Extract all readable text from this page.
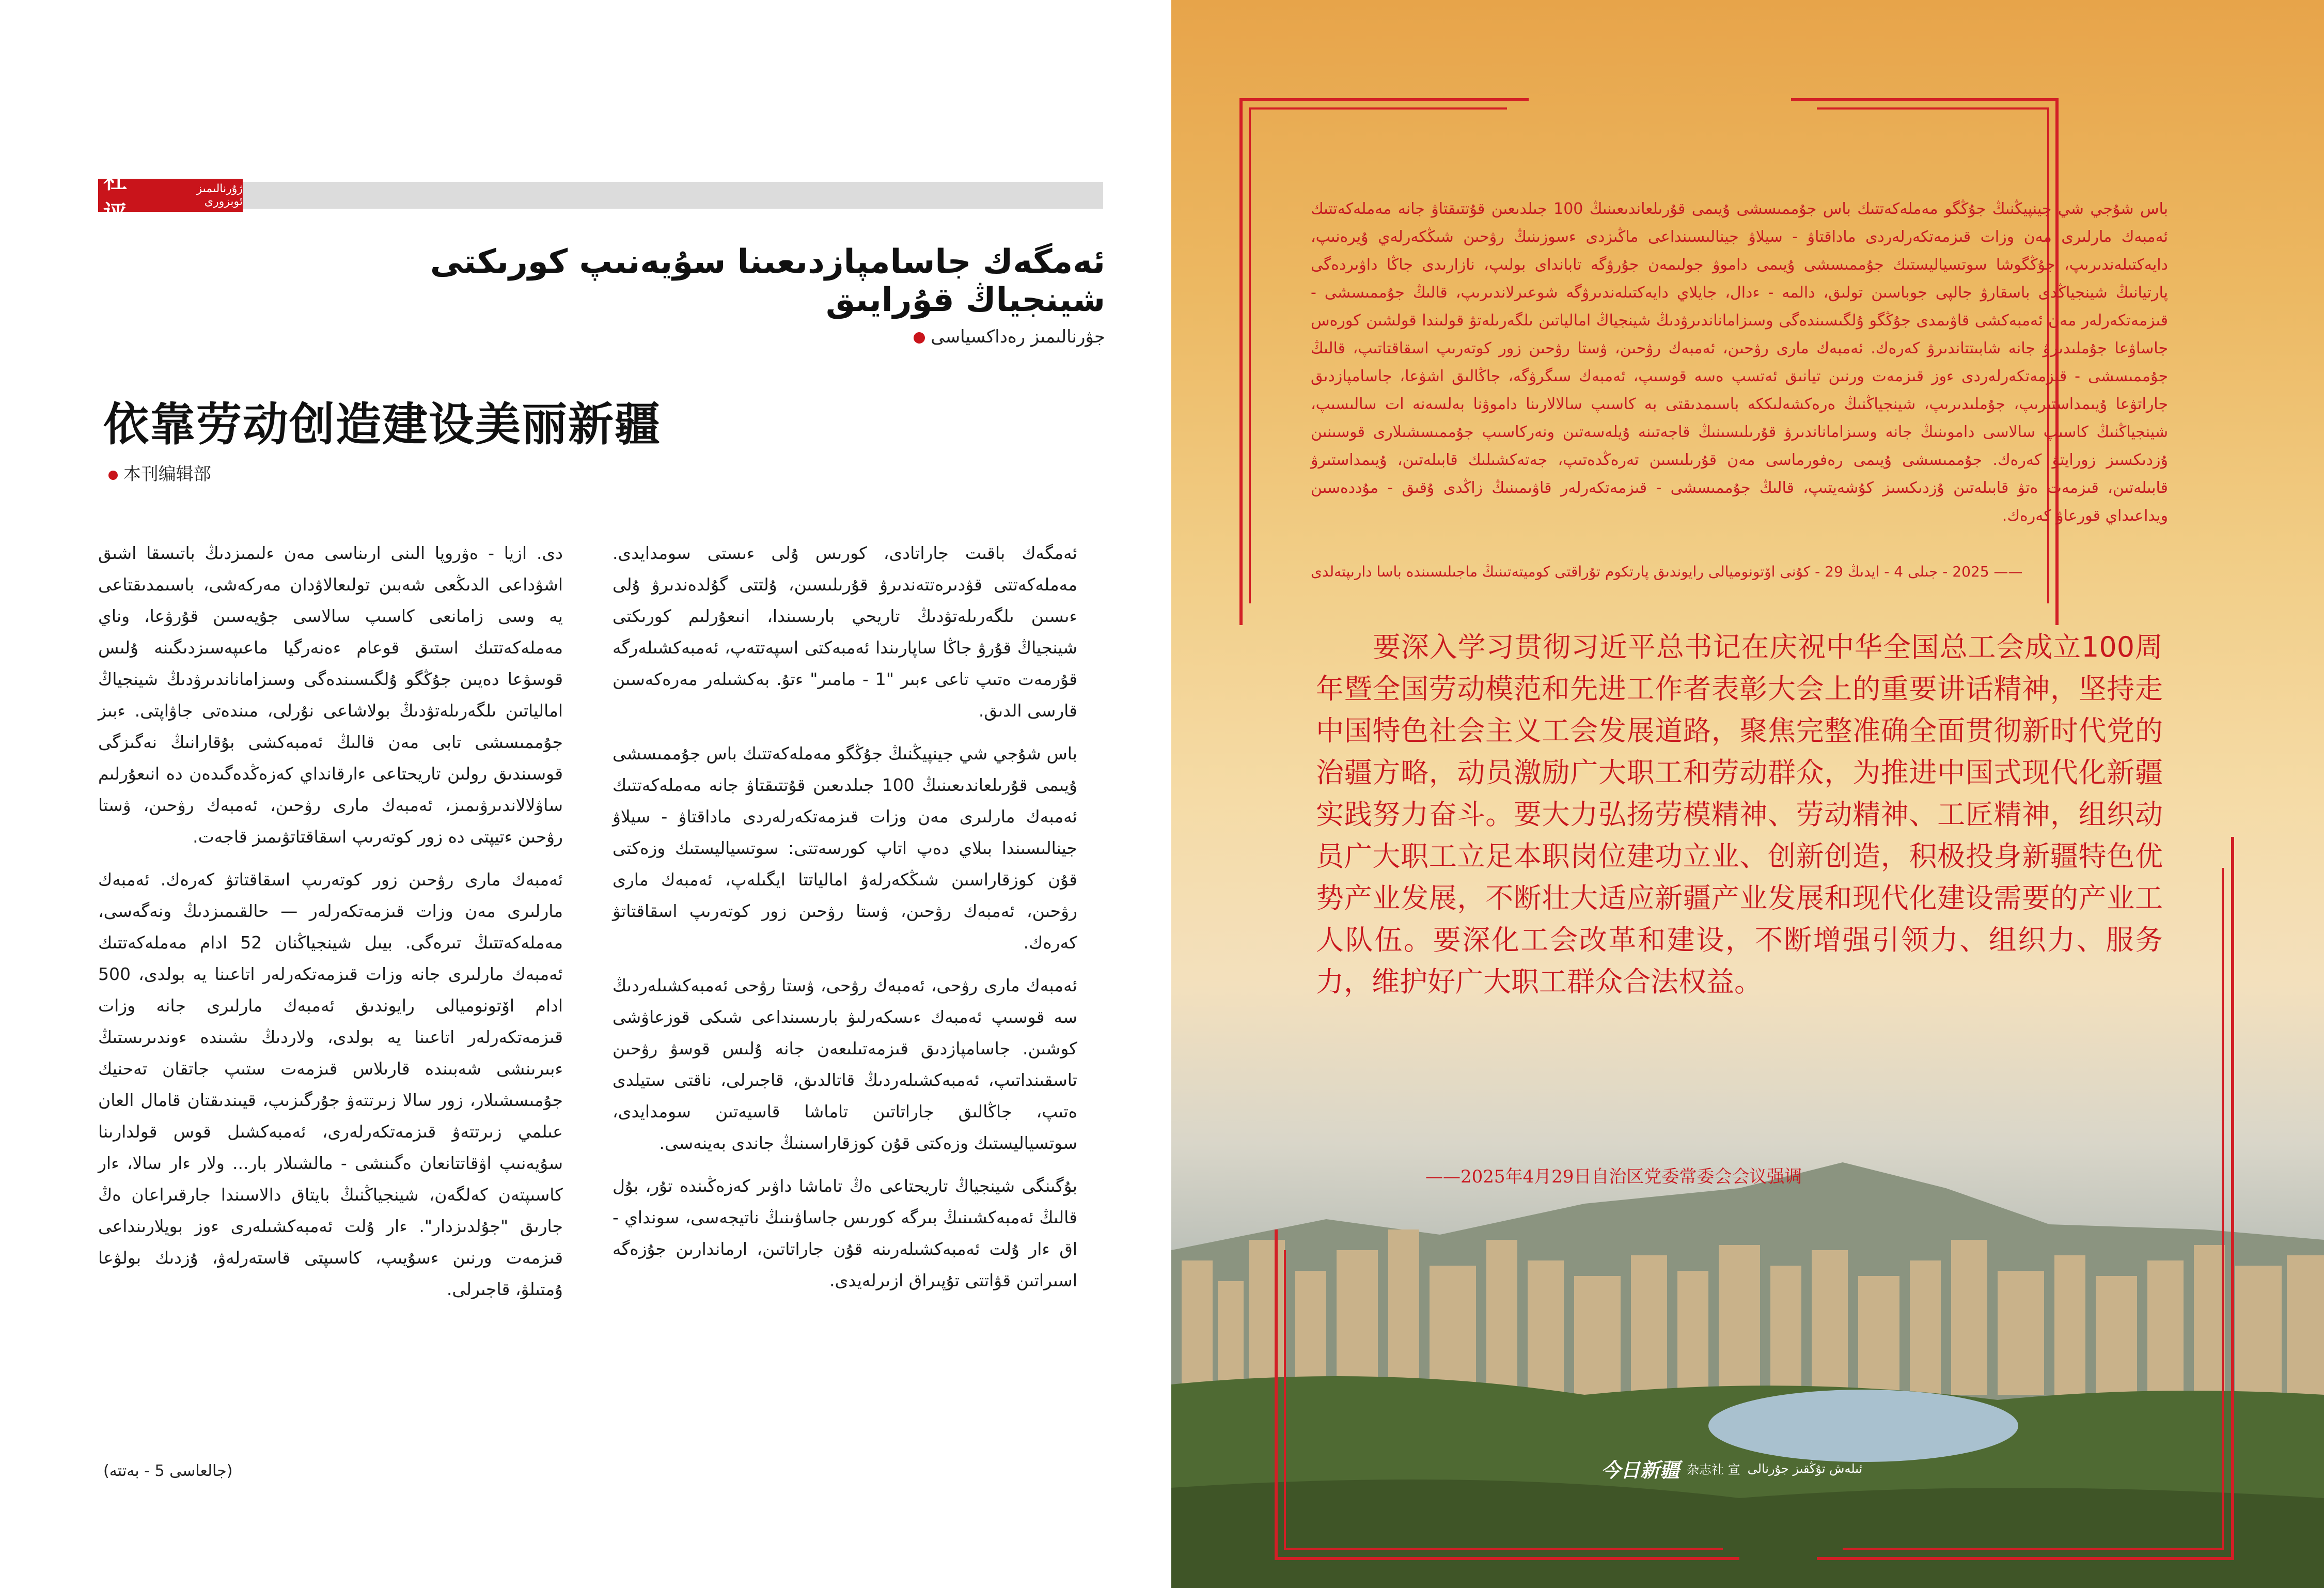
社评
ژۇرنالىمىز ئوبزورى
ئەمگەك جاسامپازدىعىنا سۇيەنىپ كورىكتى شينجياڭ قۇرايىق
جۋرنالىمىز رەداكسياسى
依靠劳动创造建设美丽新疆
本刊编辑部

ئەمگەك باقىت جاراتادى، كورىس ۇلى ءىستى سومدايدى. مەملەكەتتى قۋدىرەتتەندىرۋ قۇرىلىسىن، ۇلتتى گۇلدەندىرۋ ۇلى ءىسىن ىلگەرىلەتۋدىڭ تاريحي بارىسىندا، انىعۇرلىم كورىكتى شينجياڭ قۇرۋ جاڭا ساپارىندا ئەمبەكتى اسپەتتەپ، ئەمبەكشىلەرگە قۇرمەت ەتىپ تاعى ءبىر "1 - مامىر" ءتۇ. بەكشىلەر مەرەكەسىن قارسى الدىق.

باس شۇجي شي جينپيڭنىڭ جۇڭگو مەملەكەتتىك باس جۇممىسشى ۇيىمى قۇرىلعاندىعىنىڭ 100 جىلدىعىن قۇتتىقتاۋ جانە مەملەكەتتىك ئەمبەك مارلىرى مەن وزات قىزمەتكەرلەردى ماداقتاۋ - سيلاۋ جينالىسىندا بىلاي دەپ اتاپ كورسەتتى: سوتسياليستىك وزەكتى قۇن كوزقاراسىن شىڭكەرلەۋ امالياتتا ايگىلەپ، ئەمبەك مارى رۋحىن، ئەمبەك رۋحىن، ۋستا رۋحىن زور كوتەرىپ اسقاقتاتۋ كەرەك.

ئەمبەك مارى رۋحى، ئەمبەك رۋحى، ۋستا رۋحى ئەمبەكشىلەردىڭ سە قوسىپ ئەمبەك ءىسكەرلىۋ بارىسىنداعى شىكى قوزعاۋشى كوشىن. جاسامپازدىق قىزمەتىلىعەن جانە ۇلىس قوسۋ رۋحىن تاسقىنداتىپ، ئەمبەكشىلەردىڭ قاتالدىق، قاجىرلى، ناقتى ستيلدى ەتىپ، جاڭالىق جاراتاتىن تاماشا قاسيەتىن سومدايدى، سوتسياليستىك وزەكتى قۇن كوزقاراسىنىڭ جاندى بەينەسى.

بۇگىنگى شينجياڭ تاريحتاعى ەڭ تاماشا داۋىر كەزەڭىندە تۇر، بۇل قالىڭ ئەمبەكشىنىڭ بىرگە كورىس جاساۋىنىڭ ناتيجەسى، سونداي - اق ءار ۇلت ئەمبەكشىلەرىنە قۇن جاراتاتىن، ارماندارىن جۇزەگە اسىراتىن قۋاتتى تۇپىراق ازىرلەيدى.

دى. ازيا - ەۋروپا الىنى ارىناسى مەن ءلىمىزدىڭ باتىسقا اشىق اشۋداعى الدىڭعى شەبىن تولىعالاۋدان مەركەشى، باسىمدىقتاعى يە وسى زامانعى كاسىپ سالاسى جۇيەسىن قۇرۋعا، وناي مەملەكەتتىك استىق قوعام ءەنەرگيا ماعىپەسىزدىگىنە ۇلىس قوسۋعا دەيىن جۇڭگو ۇلگىسىندەگى وسىزاماناندىرۋدىڭ شينجياڭ امالياتىن ىلگەرىلەتۋدىڭ بولاشاعى نۇرلى، مىندەتى جاۋاپتى. ءبىز جۇممىسشى تابى مەن قالىڭ ئەمبەكشى بۇقارانىڭ نەگىزگى قوسىندىق رولىن تاريحتاعى ءارقانداي كەزەڭدەگىدەن دە انىعۇرلىم ساۋلالاندىرۋىمىز، ئەمبەك مارى رۋحىن، ئەمبەك رۋحىن، ۋستا رۋحىن ءتيپتى دە زور كوتەرىپ اسقاقتاتۋىمىز قاجەت.

ئەمبەك مارى رۋحىن زور كوتەرىپ اسقاقتاتۋ كەرەك. ئەمبەك مارلىرى مەن وزات قىزمەتكەرلەر — حالقىمىزدىڭ ونەگەسى، مەملەكەتتىڭ تىرەگى. بيىل شينجياڭنان 52 ادام مەملەكەتتىك ئەمبەك مارلىرى جانە وزات قىزمەتكەرلەر اتاعىنا يە بولدى، 500 ادام اۆتونوميالى رايوندىق ئەمبەك مارلىرى جانە وزات قىزمەتكەرلەر اتاعىنا يە بولدى، ولاردىڭ ىشىندە ءوندىرىستىڭ ءبىرىنشى شەبىندە قارىلاس قىزمەت ستىپ جاتقان تەحنيك جۇمىسشىلار، زور سالا زىرتتەۋ جۇرگىزىپ، قيىندىقتان قامال العان عىلمي زىرتتەۋ قىزمەتكەرلەرى، ئەمبەكشىل قوس قولدارىنا سۇيەنىپ اۋقاتتانعان ەگىنشى - مالشىلار بار... ولار ءار سالا، ءار كاسىپتەن كەلگەن، شينجياڭنىڭ بايتاق دالاسىندا جارقىراعان ەڭ جارىق "جۇلدىزدار". ءار ۇلت ئەمبەكشىلەرى ءوز بويلارىنداعى قىزمەت ورنىن ءسۇيىپ، كاسىپتى قاستەرلەۋ، ۇزدىك بولۋعا ۇمتىلۋ، قاجىرلى.

(جالعاسى 5 - بەتتە)
باس شۇجي شي جينپيڭنىڭ جۇڭگو مەملەكەتتىك باس جۇممىسشى ۇيىمى قۇرىلعاندىعىنىڭ 100 جىلدىعىن قۇتتىقتاۋ جانە مەملەكەتتىك ئەمبەك مارلىرى مەن وزات قىزمەتكەرلەردى ماداقتاۋ - سيلاۋ جينالىسىنداعى ماڭىزدى ءسوزىنىڭ رۋحىن شىڭكەرلەي ۇيرەنىپ، دايەكتىلەندىرىپ، جۇڭگوشا سوتسياليستىك جۇممىسشى ۇيىمى داموۋ جولىمەن جۇرۋگە تابانداى بولىپ، نازارىدى جاڭا داۋىردەگى پارتيانىڭ شينجياڭدى باسقارۋ جالپى جوباسىن تولىق، دالمە - ءدال، جايلاي دايەكتىلەندىرۋگە شوعىرلاندىرىپ، قالىڭ جۇممىسشى - قىزمەتكەرلەر مەن ئەمبەكشى قاۋىمدى جۇڭگو ۇلگىسىندەگى وسىزاماناندىرۋدىڭ شينجياڭ امالياتىن ىلگەرىلەتۋ قولىندا قولشىن كورەس جاساۋعا جۇملىدىرۋ جانە شابىتتاندىرۋ كەرەك. ئەمبەك مارى رۋحىن، ئەمبەك رۋحىن، ۋستا رۋحىن زور كوتەرىپ اسقاقتاتىپ، قالىڭ جۇممىسشى - قىزمەتكەرلەردى ءوز قىزمەت ورنىن تيانىق ئەتسپ ەسە قوسىپ، ئەمبەك سىگرۋگە، جاڭالىق اشۋعا، جاسامپازدىق جاراتۋعا ۇيىمداستىرىپ، جۇملىدىرىپ، شينجياڭنىڭ ەرەكشەلىككە باسىمدىقتى بە كاسىپ سالالارىنا داموۋنا بەلسەنە ات سالىسىپ، شينجياڭنىڭ كاسىپ سالاسى داموىنىڭ جانە وسىزاماناندىرۋ قۇرىلىسىنىڭ قاجەتىنە ۇيلەسەتىن ونەركاسىپ جۇممىسشىلارى قوسىنىن ۇزدىكسىز زورايتۋ كەرەك. جۇممىسشى ۇيىمى رەفورماسى مەن قۇرىلىسىن تەرەڭدەتىپ، جەتەكشىلىك قابىلەتىن، ۇيىمداستىرۋ قابىلەتىن، قىزمەت ەتۋ قابىلەتىن ۇزدىكسىز كۇشەيتىپ، قالىڭ جۇممىسشى - قىزمەتكەرلەر قاۋىمىنىڭ زاڭدى ۇقىق - مۇددەسىن ويداعىداي قورعاۋ كەرەك.
—— 2025 - جىلى 4 - ايدىڭ 29 - كۇنى اۆتونوميالى رايوندىق پارتكوم تۇراقتى كوميتەتىنىڭ ماجىلىسىندە باسا دارىپتەلدى
要深入学习贯彻习近平总书记在庆祝中华全国总工会成立100周年暨全国劳动模范和先进工作者表彰大会上的重要讲话精神，坚持走中国特色社会主义工会发展道路，聚焦完整准确全面贯彻新时代党的治疆方略，动员激励广大职工和劳动群众，为推进中国式现代化新疆实践努力奋斗。要大力弘扬劳模精神、劳动精神、工匠精神，组织动员广大职工立足本职岗位建功立业、创新创造，积极投身新疆特色优势产业发展，不断壮大适应新疆产业发展和现代化建设需要的产业工人队伍。要深化工会改革和建设，不断增强引领力、组织力、服务力，维护好广大职工群众合法权益。
——2025年4月29日自治区党委常委会会议强调
今日新疆 杂志社 宣 ئىلەش تۇڭقىز جۇرنالى
